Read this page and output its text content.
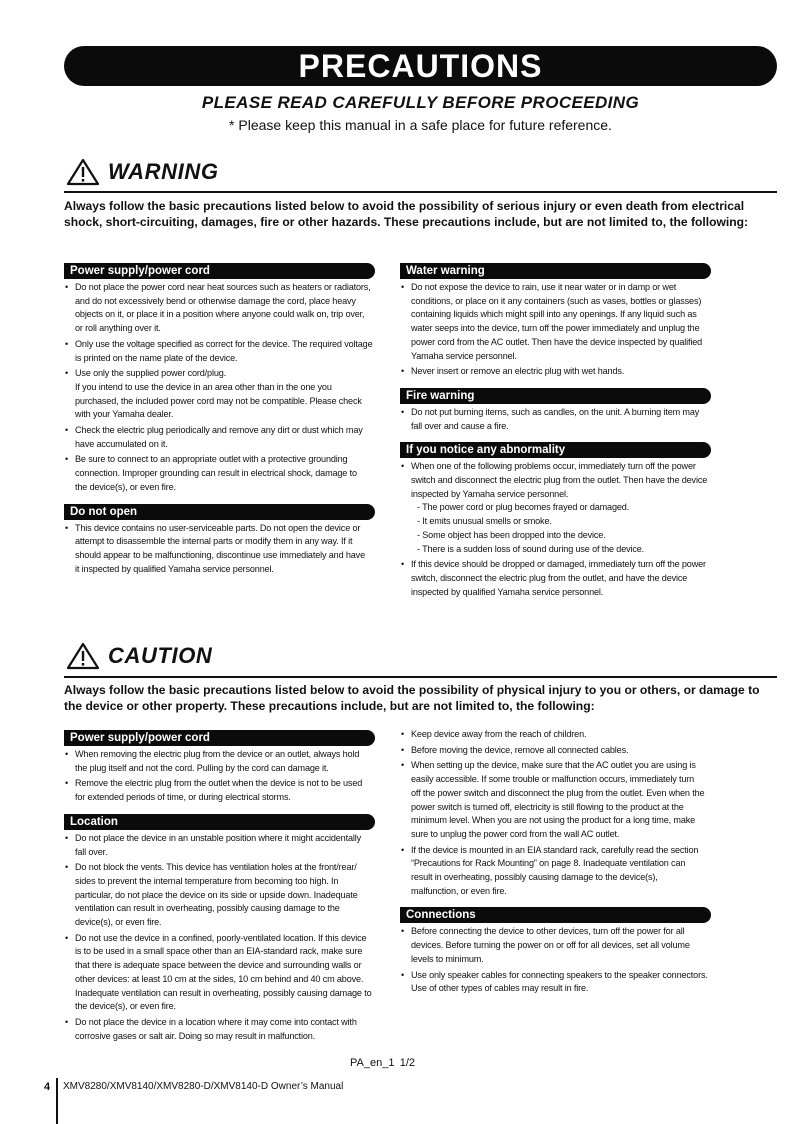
PRECAUTIONS
PLEASE READ CAREFULLY BEFORE PROCEEDING
* Please keep this manual in a safe place for future reference.
WARNING
Always follow the basic precautions listed below to avoid the possibility of serious injury or even death from electrical shock, short-circuiting, damages, fire or other hazards. These precautions include, but are not limited to, the following:
Power supply/power cord
• Do not place the power cord near heat sources such as heaters or radiators,
and do not excessively bend or otherwise damage the cord, place heavy
objects on it, or place it in a position where anyone could walk on, trip over,
or roll anything over it.
• Only use the voltage specified as correct for the device. The required voltage
is printed on the name plate of the device.
• Use only the supplied power cord/plug.
If you intend to use the device in an area other than in the one you
purchased, the included power cord may not be compatible. Please check
with your Yamaha dealer.
• Check the electric plug periodically and remove any dirt or dust which may
have accumulated on it.
• Be sure to connect to an appropriate outlet with a protective grounding
connection. Improper grounding can result in electrical shock, damage to
the device(s), or even fire.
Do not open
• This device contains no user-serviceable parts. Do not open the device or
attempt to disassemble the internal parts or modify them in any way. If it
should appear to be malfunctioning, discontinue use immediately and have
it inspected by qualified Yamaha service personnel.
Water warning
• Do not expose the device to rain, use it near water or in damp or wet
conditions, or place on it any containers (such as vases, bottles or glasses)
containing liquids which might spill into any openings. If any liquid such as
water seeps into the device, turn off the power immediately and unplug the
power cord from the AC outlet. Then have the device inspected by qualified
Yamaha service personnel.
• Never insert or remove an electric plug with wet hands.
Fire warning
• Do not put burning items, such as candles, on the unit. A burning item may
fall over and cause a fire.
If you notice any abnormality
• When one of the following problems occur, immediately turn off the power
switch and disconnect the electric plug from the outlet. Then have the device
inspected by Yamaha service personnel.
- The power cord or plug becomes frayed or damaged.
- It emits unusual smells or smoke.
- Some object has been dropped into the device.
- There is a sudden loss of sound during use of the device.
• If this device should be dropped or damaged, immediately turn off the power
switch, disconnect the electric plug from the outlet, and have the device
inspected by qualified Yamaha service personnel.
CAUTION
Always follow the basic precautions listed below to avoid the possibility of physical injury to you or others, or damage to the device or other property. These precautions include, but are not limited to, the following:
Power supply/power cord
• When removing the electric plug from the device or an outlet, always hold
the plug itself and not the cord. Pulling by the cord can damage it.
• Remove the electric plug from the outlet when the device is not to be used
for extended periods of time, or during electrical storms.
Location
• Do not place the device in an unstable position where it might accidentally
fall over.
• Do not block the vents. This device has ventilation holes at the front/rear/
sides to prevent the internal temperature from becoming too high. In
particular, do not place the device on its side or upside down. Inadequate
ventilation can result in overheating, possibly causing damage to the
device(s), or even fire.
• Do not use the device in a confined, poorly-ventilated location. If this device
is to be used in a small space other than an EIA-standard rack, make sure
that there is adequate space between the device and surrounding walls or
other devices: at least 10 cm at the sides, 10 cm behind and 40 cm above.
Inadequate ventilation can result in overheating, possibly causing damage to
the device(s), or even fire.
• Do not place the device in a location where it may come into contact with
corrosive gases or salt air. Doing so may result in malfunction.
• Keep device away from the reach of children.
• Before moving the device, remove all connected cables.
• When setting up the device, make sure that the AC outlet you are using is
easily accessible. If some trouble or malfunction occurs, immediately turn
off the power switch and disconnect the plug from the outlet. Even when the
power switch is turned off, electricity is still flowing to the product at the
minimum level. When you are not using the product for a long time, make
sure to unplug the power cord from the wall AC outlet.
• If the device is mounted in an EIA standard rack, carefully read the section
“Precautions for Rack Mounting” on page 8. Inadequate ventilation can
result in overheating, possibly causing damage to the device(s),
malfunction, or even fire.
Connections
• Before connecting the device to other devices, turn off the power for all
devices. Before turning the power on or off for all devices, set all volume
levels to minimum.
• Use only speaker cables for connecting speakers to the speaker connectors.
Use of other types of cables may result in fire.
PA_en_1 1/2
4 XMV8280/XMV8140/XMV8280-D/XMV8140-D Owner’s Manual
